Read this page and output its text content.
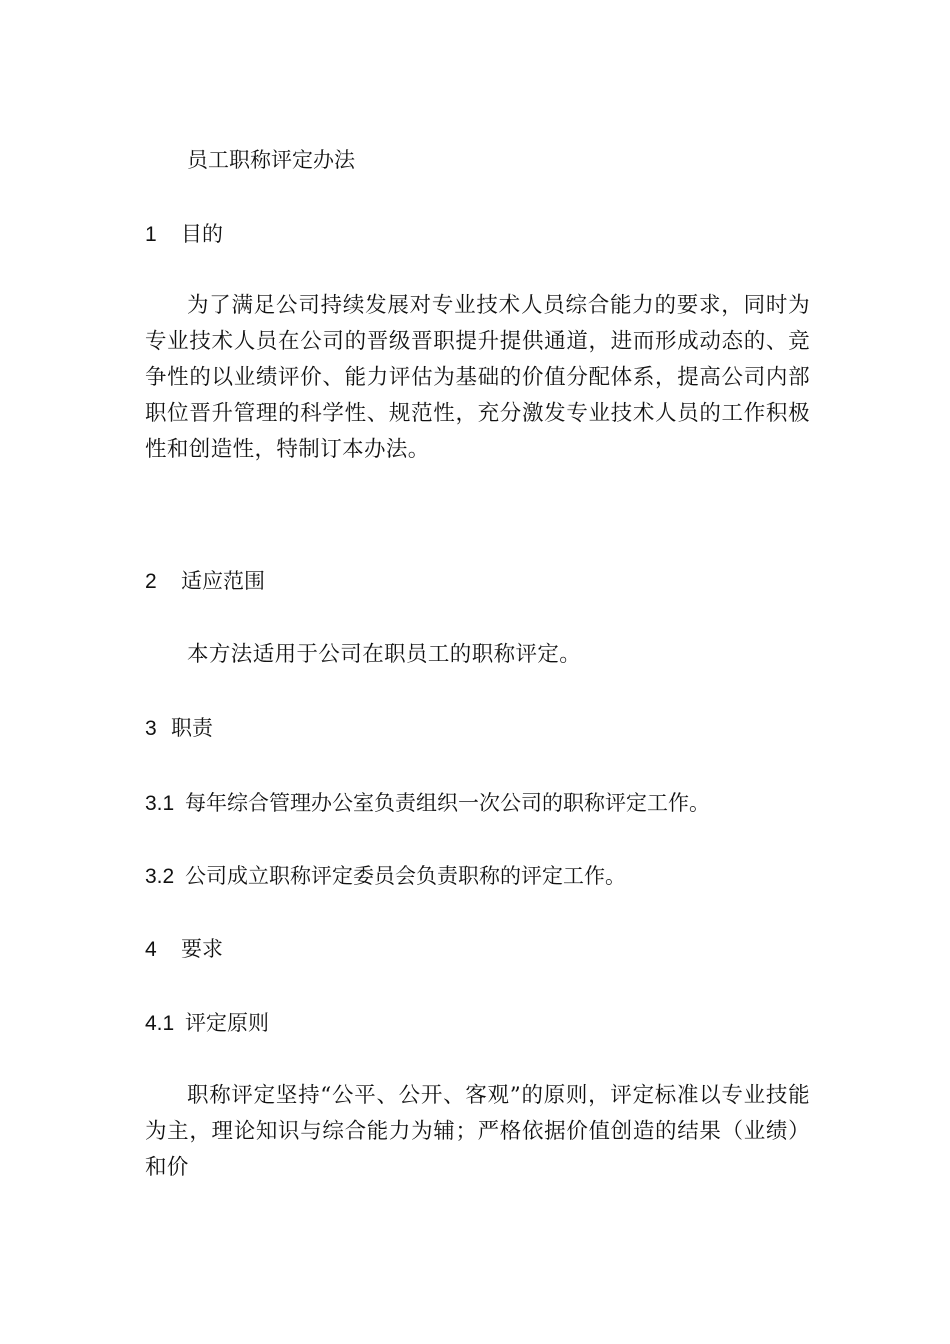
员工职称评定办法
1 目的
为了满足公司持续发展对专业技术人员综合能力的要求，同时为专业技术人员在公司的晋级晋职提升提供通道，进而形成动态的、竞争性的以业绩评价、能力评估为基础的价值分配体系，提高公司内部职位晋升管理的科学性、规范性，充分激发专业技术人员的工作积极性和创造性，特制订本办法。
2 适应范围
本方法适用于公司在职员工的职称评定。
3 职责
3.1 每年综合管理办公室负责组织一次公司的职称评定工作。
3.2 公司成立职称评定委员会负责职称的评定工作。
4 要求
4.1 评定原则
职称评定坚持“公平、公开、客观”的原则，评定标准以专业技能为主，理论知识与综合能力为辅；严格依据价值创造的结果（业绩）和价
